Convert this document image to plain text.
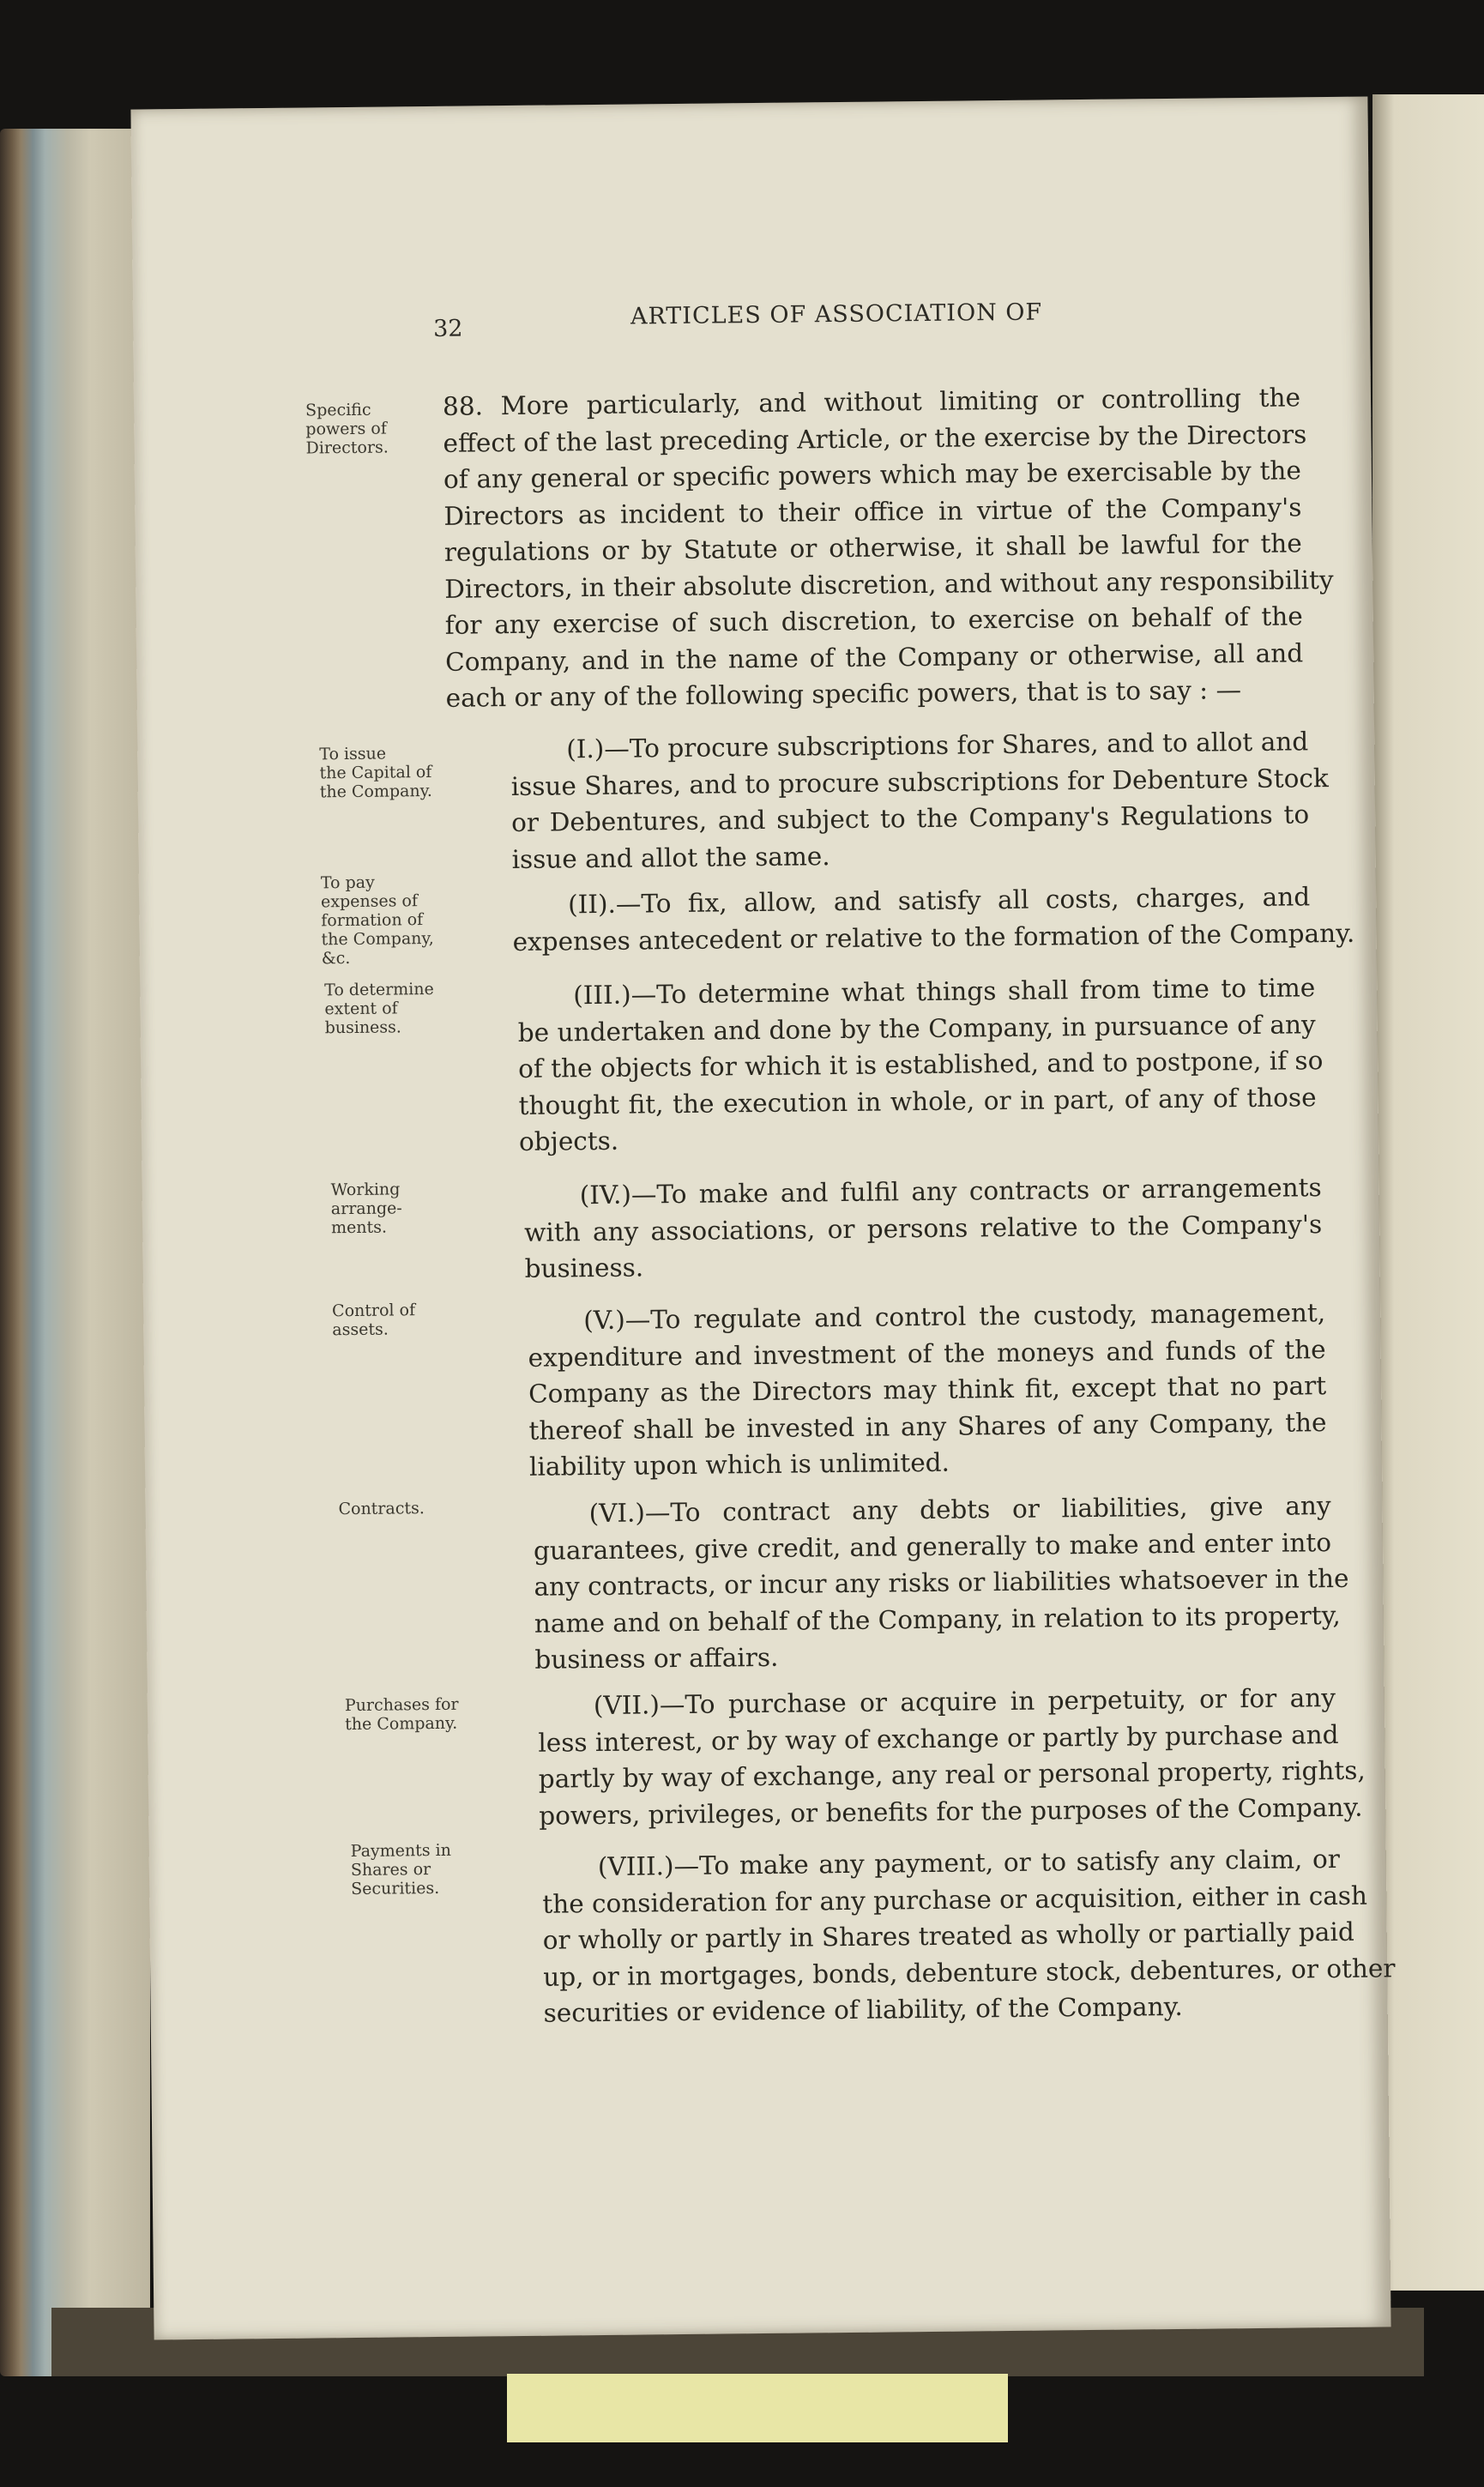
32	ARTICLES OF ASSOCIATION OF
Specific
powers of
Directors.
88. More particularly, and without limiting or controlling the
effect of the last preceding Article, or the exercise by the Directors
of any general or specific powers which may be exercisable by the
Directors as incident to their office in virtue of the Company's
regulations or by Statute or otherwise, it shall be lawful for the
Directors, in their absolute discretion, and without any responsibility
for any exercise of such discretion, to exercise on behalf of the
Company, and in the name of the Company or otherwise, all and
each or any of the following specific powers, that is to say : —
To issue
the Capital of
the Company.
(I.)—To procure subscriptions for Shares, and to allot and
issue Shares, and to procure subscriptions for Debenture Stock
or Debentures, and subject to the Company's Regulations to
issue and allot the same.
To pay
expenses of
formation of
the Company,
&c.
(II).—To fix, allow, and satisfy all costs, charges, and
expenses antecedent or relative to the formation of the Company.
To determine
extent of
business.
(III.)—To determine what things shall from time to time
be undertaken and done by the Company, in pursuance of any
of the objects for which it is established, and to postpone, if so
thought fit, the execution in whole, or in part, of any of those
objects.
Working
arrange-
ments.
(IV.)—To make and fulfil any contracts or arrangements
with any associations, or persons relative to the Company's
business.
Control of
assets.	(V.)—To regulate and control the custody, management,
expenditure and investment of the moneys and funds of the
Company as the Directors may think fit, except that no part
thereof shall be invested in any Shares of any Company, the
liability upon which is unlimited.
Contracts.	(VI.)—To contract any debts or liabilities, give any
guarantees, give credit, and generally to make and enter into
any contracts, or incur any risks or liabilities whatsoever in the
name and on behalf of the Company, in relation to its property,
business or affairs.
Purchases for
the Company.
(VII.)—To purchase or acquire in perpetuity, or for any
less interest, or by way of exchange or partly by purchase and
partly by way of exchange, any real or personal property, rights,
powers, privileges, or benefits for the purposes of the Company.
Payments in
Shares or
Securities.
(VIII.)—To make any payment, or to satisfy any claim, or
the consideration for any purchase or acquisition, either in cash
or wholly or partly in Shares treated as wholly or partially paid
up, or in mortgages, bonds, debenture stock, debentures, or other
securities or evidence of liability, of the Company.
